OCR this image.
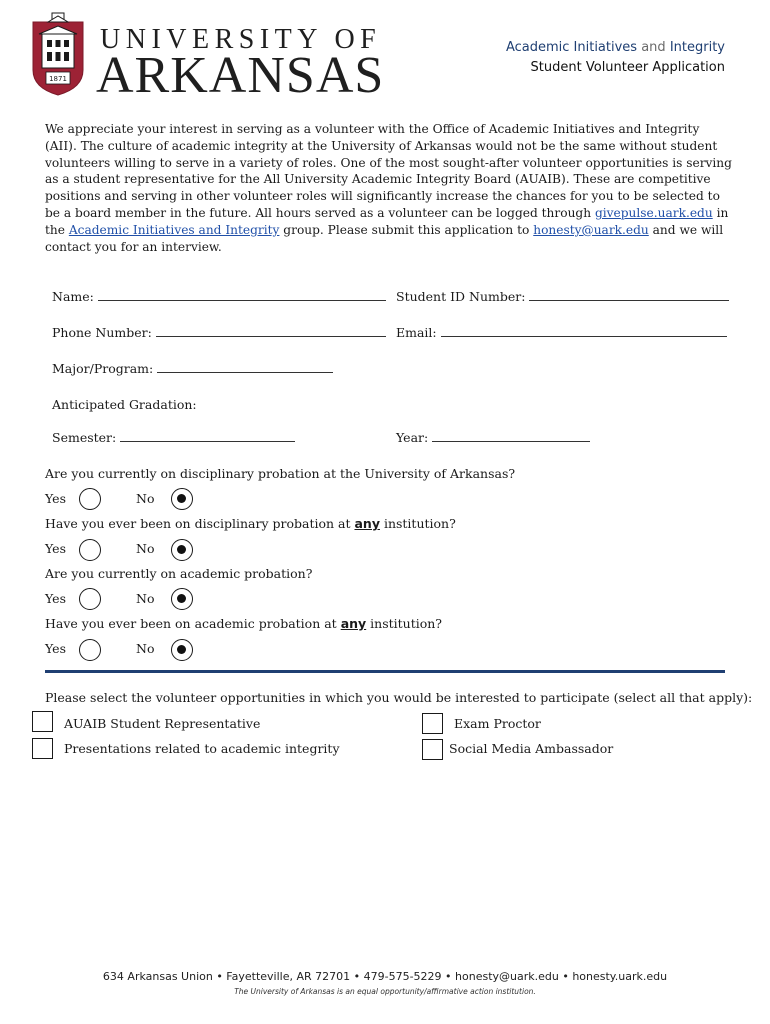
1871
UNIVERSITY OF
ARKANSAS	Academic Initiatives and Integrity
Student Volunteer Application

We appreciate your interest in serving as a volunteer with the Office of Academic Initiatives and Integrity (AII). The culture of academic integrity at the University of Arkansas would not be the same without student volunteers willing to serve in a variety of roles. One of the most sought-after volunteer opportunities is serving as a student representative for the All University Academic Integrity Board (AUAIB). These are competitive positions and serving in other volunteer roles will significantly increase the chances for you to be selected to be a board member in the future. All hours served as a volunteer can be logged through givepulse.uark.edu in the Academic Initiatives and Integrity group. Please submit this application to honesty@uark.edu and we will contact you for an interview.

Name:	Student ID Number:
Phone Number:	Email:
Major/Program:
Anticipated Gradation:
Semester:	Year:
Are you currently on disciplinary probation at the University of Arkansas?
Yes	No
Have you ever been on disciplinary probation at any institution?
Yes	No
Are you currently on academic probation?
Yes	No
Have you ever been on academic probation at any institution?
Yes	No
Please select the volunteer opportunities in which you would be interested to participate (select all that apply):
AUAIB Student Representative	Exam Proctor
Presentations related to academic integrity	Social Media Ambassador
634 Arkansas Union • Fayetteville, AR 72701 • 479-575-5229 • honesty@uark.edu • honesty.uark.edu
The University of Arkansas is an equal opportunity/affirmative action institution.
